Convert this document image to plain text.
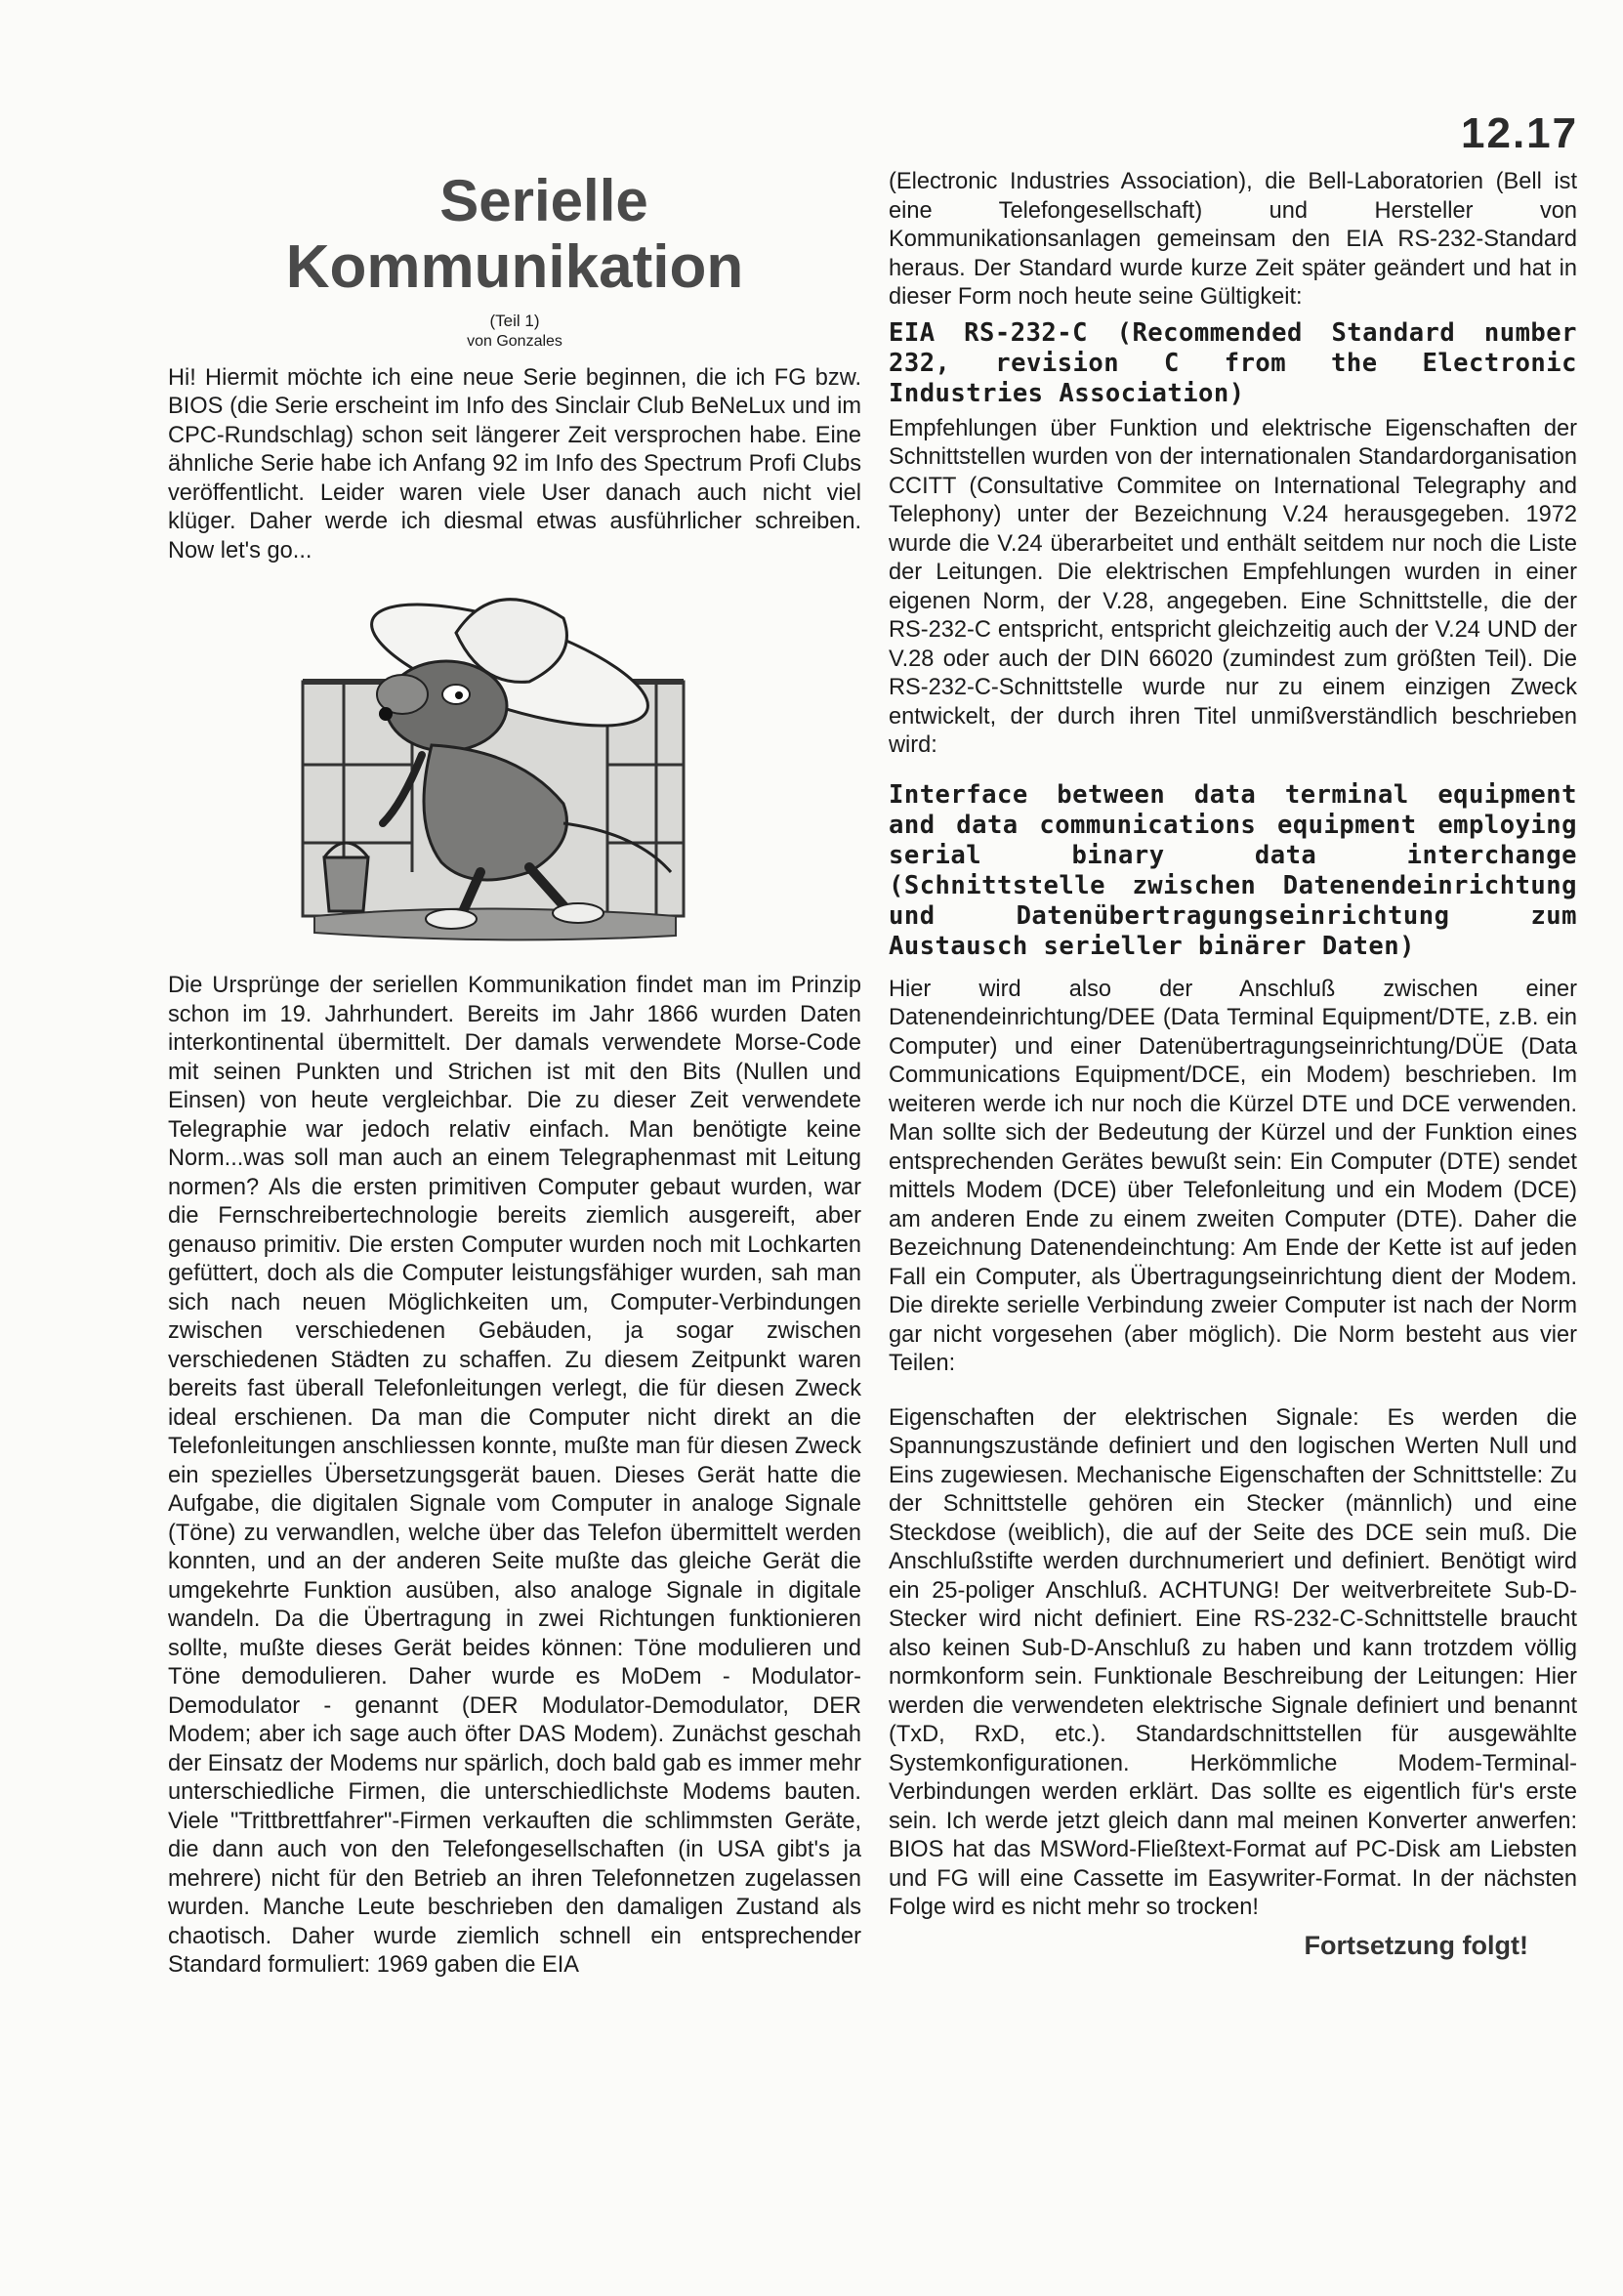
12.17
Serielle
Kommunikation
(Teil 1)
von Gonzales

Hi! Hiermit möchte ich eine neue Serie beginnen, die ich FG bzw. BIOS (die Serie erscheint im Info des Sinclair Club BeNeLux und im CPC-Rundschlag) schon seit längerer Zeit versprochen habe. Eine ähnliche Serie habe ich Anfang 92 im Info des Spectrum Profi Clubs veröffentlicht. Leider waren viele User danach auch nicht viel klüger. Daher werde ich diesmal etwas ausführlicher schreiben. Now let's go...

Die Ursprünge der seriellen Kommunikation findet man im Prinzip schon im 19. Jahrhundert. Bereits im Jahr 1866 wurden Daten interkontinental übermittelt. Der damals verwendete Morse-Code mit seinen Punkten und Strichen ist mit den Bits (Nullen und Einsen) von heute vergleichbar. Die zu dieser Zeit verwendete Telegraphie war jedoch relativ einfach. Man benötigte keine Norm...was soll man auch an einem Telegraphenmast mit Leitung normen? Als die ersten primitiven Computer gebaut wurden, war die Fernschreibertechnologie bereits ziemlich ausgereift, aber genauso primitiv. Die ersten Computer wurden noch mit Lochkarten gefüttert, doch als die Computer leistungsfähiger wurden, sah man sich nach neuen Möglichkeiten um, Computer-Verbindungen zwischen verschiedenen Gebäuden, ja sogar zwischen verschiedenen Städten zu schaffen. Zu diesem Zeitpunkt waren bereits fast überall Telefonleitungen verlegt, die für diesen Zweck ideal erschienen. Da man die Computer nicht direkt an die Telefonleitungen anschliessen konnte, mußte man für diesen Zweck ein spezielles Übersetzungsgerät bauen. Dieses Gerät hatte die Aufgabe, die digitalen Signale vom Computer in analoge Signale (Töne) zu verwandlen, welche über das Telefon übermittelt werden konnten, und an der anderen Seite mußte das gleiche Gerät die umgekehrte Funktion ausüben, also analoge Signale in digitale wandeln. Da die Übertragung in zwei Richtungen funktionieren sollte, mußte dieses Gerät beides können: Töne modulieren und Töne demodulieren. Daher wurde es MoDem - Modulator-Demodulator - genannt (DER Modulator-Demodulator, DER Modem; aber ich sage auch öfter DAS Modem). Zunächst geschah der Einsatz der Modems nur spärlich, doch bald gab es immer mehr unterschiedliche Firmen, die unterschiedlichste Modems bauten. Viele "Trittbrettfahrer"-Firmen verkauften die schlimmsten Geräte, die dann auch von den Telefongesellschaften (in USA gibt's ja mehrere) nicht für den Betrieb an ihren Telefonnetzen zugelassen wurden. Manche Leute beschrieben den damaligen Zustand als chaotisch. Daher wurde ziemlich schnell ein entsprechender Standard formuliert: 1969 gaben die EIA

(Electronic Industries Association), die Bell-Laboratorien (Bell ist eine Telefongesellschaft) und Hersteller von Kommunikationsanlagen gemeinsam den EIA RS-232-Standard heraus. Der Standard wurde kurze Zeit später geändert und hat in dieser Form noch heute seine Gültigkeit:

EIA RS-232-C (Recommended Standard number 232, revision C from the Electronic Industries Association)

Empfehlungen über Funktion und elektrische Eigenschaften der Schnittstellen wurden von der internationalen Standardorganisation CCITT (Consultative Commitee on International Telegraphy and Telephony) unter der Bezeichnung V.24 herausgegeben. 1972 wurde die V.24 überarbeitet und enthält seitdem nur noch die Liste der Leitungen. Die elektrischen Empfehlungen wurden in einer eigenen Norm, der V.28, angegeben. Eine Schnittstelle, die der RS-232-C entspricht, entspricht gleichzeitig auch der V.24 UND der V.28 oder auch der DIN 66020 (zumindest zum größten Teil). Die RS-232-C-Schnittstelle wurde nur zu einem einzigen Zweck entwickelt, der durch ihren Titel unmißverständlich beschrieben wird:

Interface between data terminal equipment and data communications equipment employing serial binary data interchange (Schnittstelle zwischen Datenendeinrichtung und Datenübertragungseinrichtung zum Austausch serieller binärer Daten)

Hier wird also der Anschluß zwischen einer Datenendeinrichtung/DEE (Data Terminal Equipment/DTE, z.B. ein Computer) und einer Datenübertragungseinrichtung/DÜE (Data Communications Equipment/DCE, ein Modem) beschrieben. Im weiteren werde ich nur noch die Kürzel DTE und DCE verwenden. Man sollte sich der Bedeutung der Kürzel und der Funktion eines entsprechenden Gerätes bewußt sein: Ein Computer (DTE) sendet mittels Modem (DCE) über Telefonleitung und ein Modem (DCE) am anderen Ende zu einem zweiten Computer (DTE). Daher die Bezeichnung Datenendeinchtung: Am Ende der Kette ist auf jeden Fall ein Computer, als Übertragungseinrichtung dient der Modem. Die direkte serielle Verbindung zweier Computer ist nach der Norm gar nicht vorgesehen (aber möglich). Die Norm besteht aus vier Teilen:

Eigenschaften der elektrischen Signale: Es werden die Spannungszustände definiert und den logischen Werten Null und Eins zugewiesen. Mechanische Eigenschaften der Schnittstelle: Zu der Schnittstelle gehören ein Stecker (männlich) und eine Steckdose (weiblich), die auf der Seite des DCE sein muß. Die Anschlußstifte werden durchnumeriert und definiert. Benötigt wird ein 25-poliger Anschluß. ACHTUNG! Der weitverbreitete Sub-D-Stecker wird nicht definiert. Eine RS-232-C-Schnittstelle braucht also keinen Sub-D-Anschluß zu haben und kann trotzdem völlig normkonform sein. Funktionale Beschreibung der Leitungen: Hier werden die verwendeten elektrische Signale definiert und benannt (TxD, RxD, etc.). Standardschnittstellen für ausgewählte Systemkonfigurationen. Herkömmliche Modem-Terminal-Verbindungen werden erklärt. Das sollte es eigentlich für's erste sein. Ich werde jetzt gleich dann mal meinen Konverter anwerfen: BIOS hat das MSWord-Fließtext-Format auf PC-Disk am Liebsten und FG will eine Cassette im Easywriter-Format. In der nächsten Folge wird es nicht mehr so trocken!

Fortsetzung folgt!
